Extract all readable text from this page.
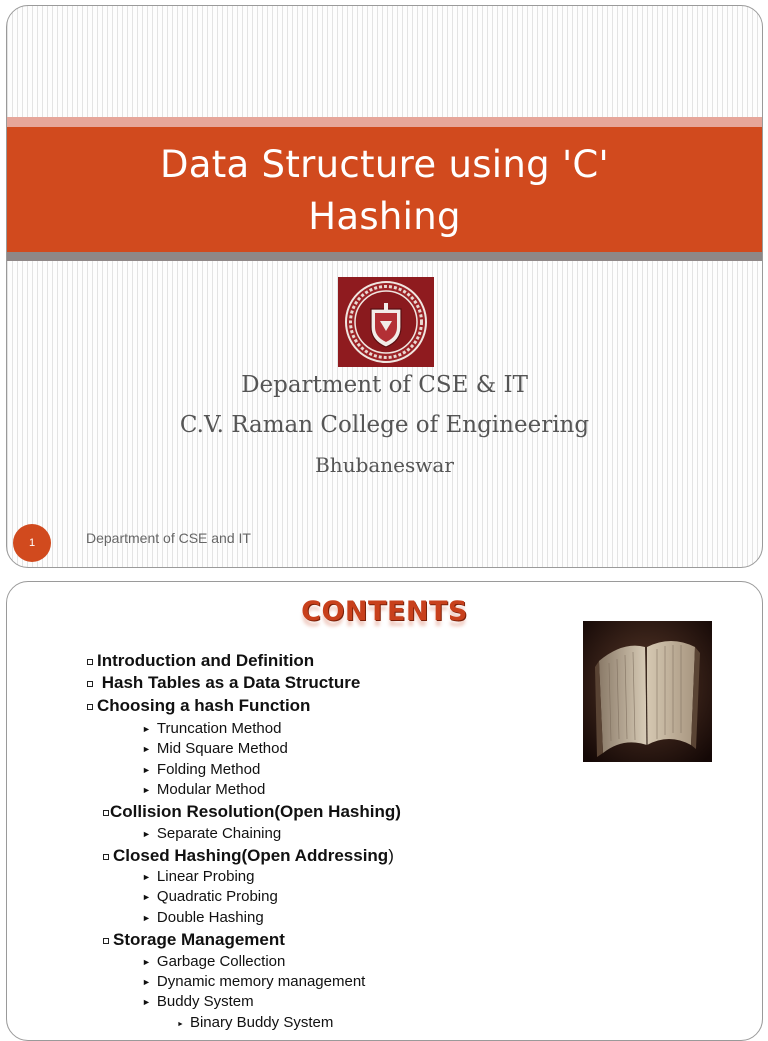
Data Structure using 'C'
Hashing
Department of CSE & IT
C.V. Raman College of Engineering
Bhubaneswar
1	Department of CSE and IT
CONTENTS
Introduction and Definition
Hash Tables as a Data Structure
Choosing a hash Function
► Truncation Method
► Mid Square Method
► Folding Method
► Modular Method
Collision Resolution(Open Hashing)
► Separate Chaining
Closed Hashing(Open Addressing)
► Linear Probing
► Quadratic Probing
► Double Hashing
Storage Management
► Garbage Collection
► Dynamic memory management
► Buddy System
► Binary Buddy System
